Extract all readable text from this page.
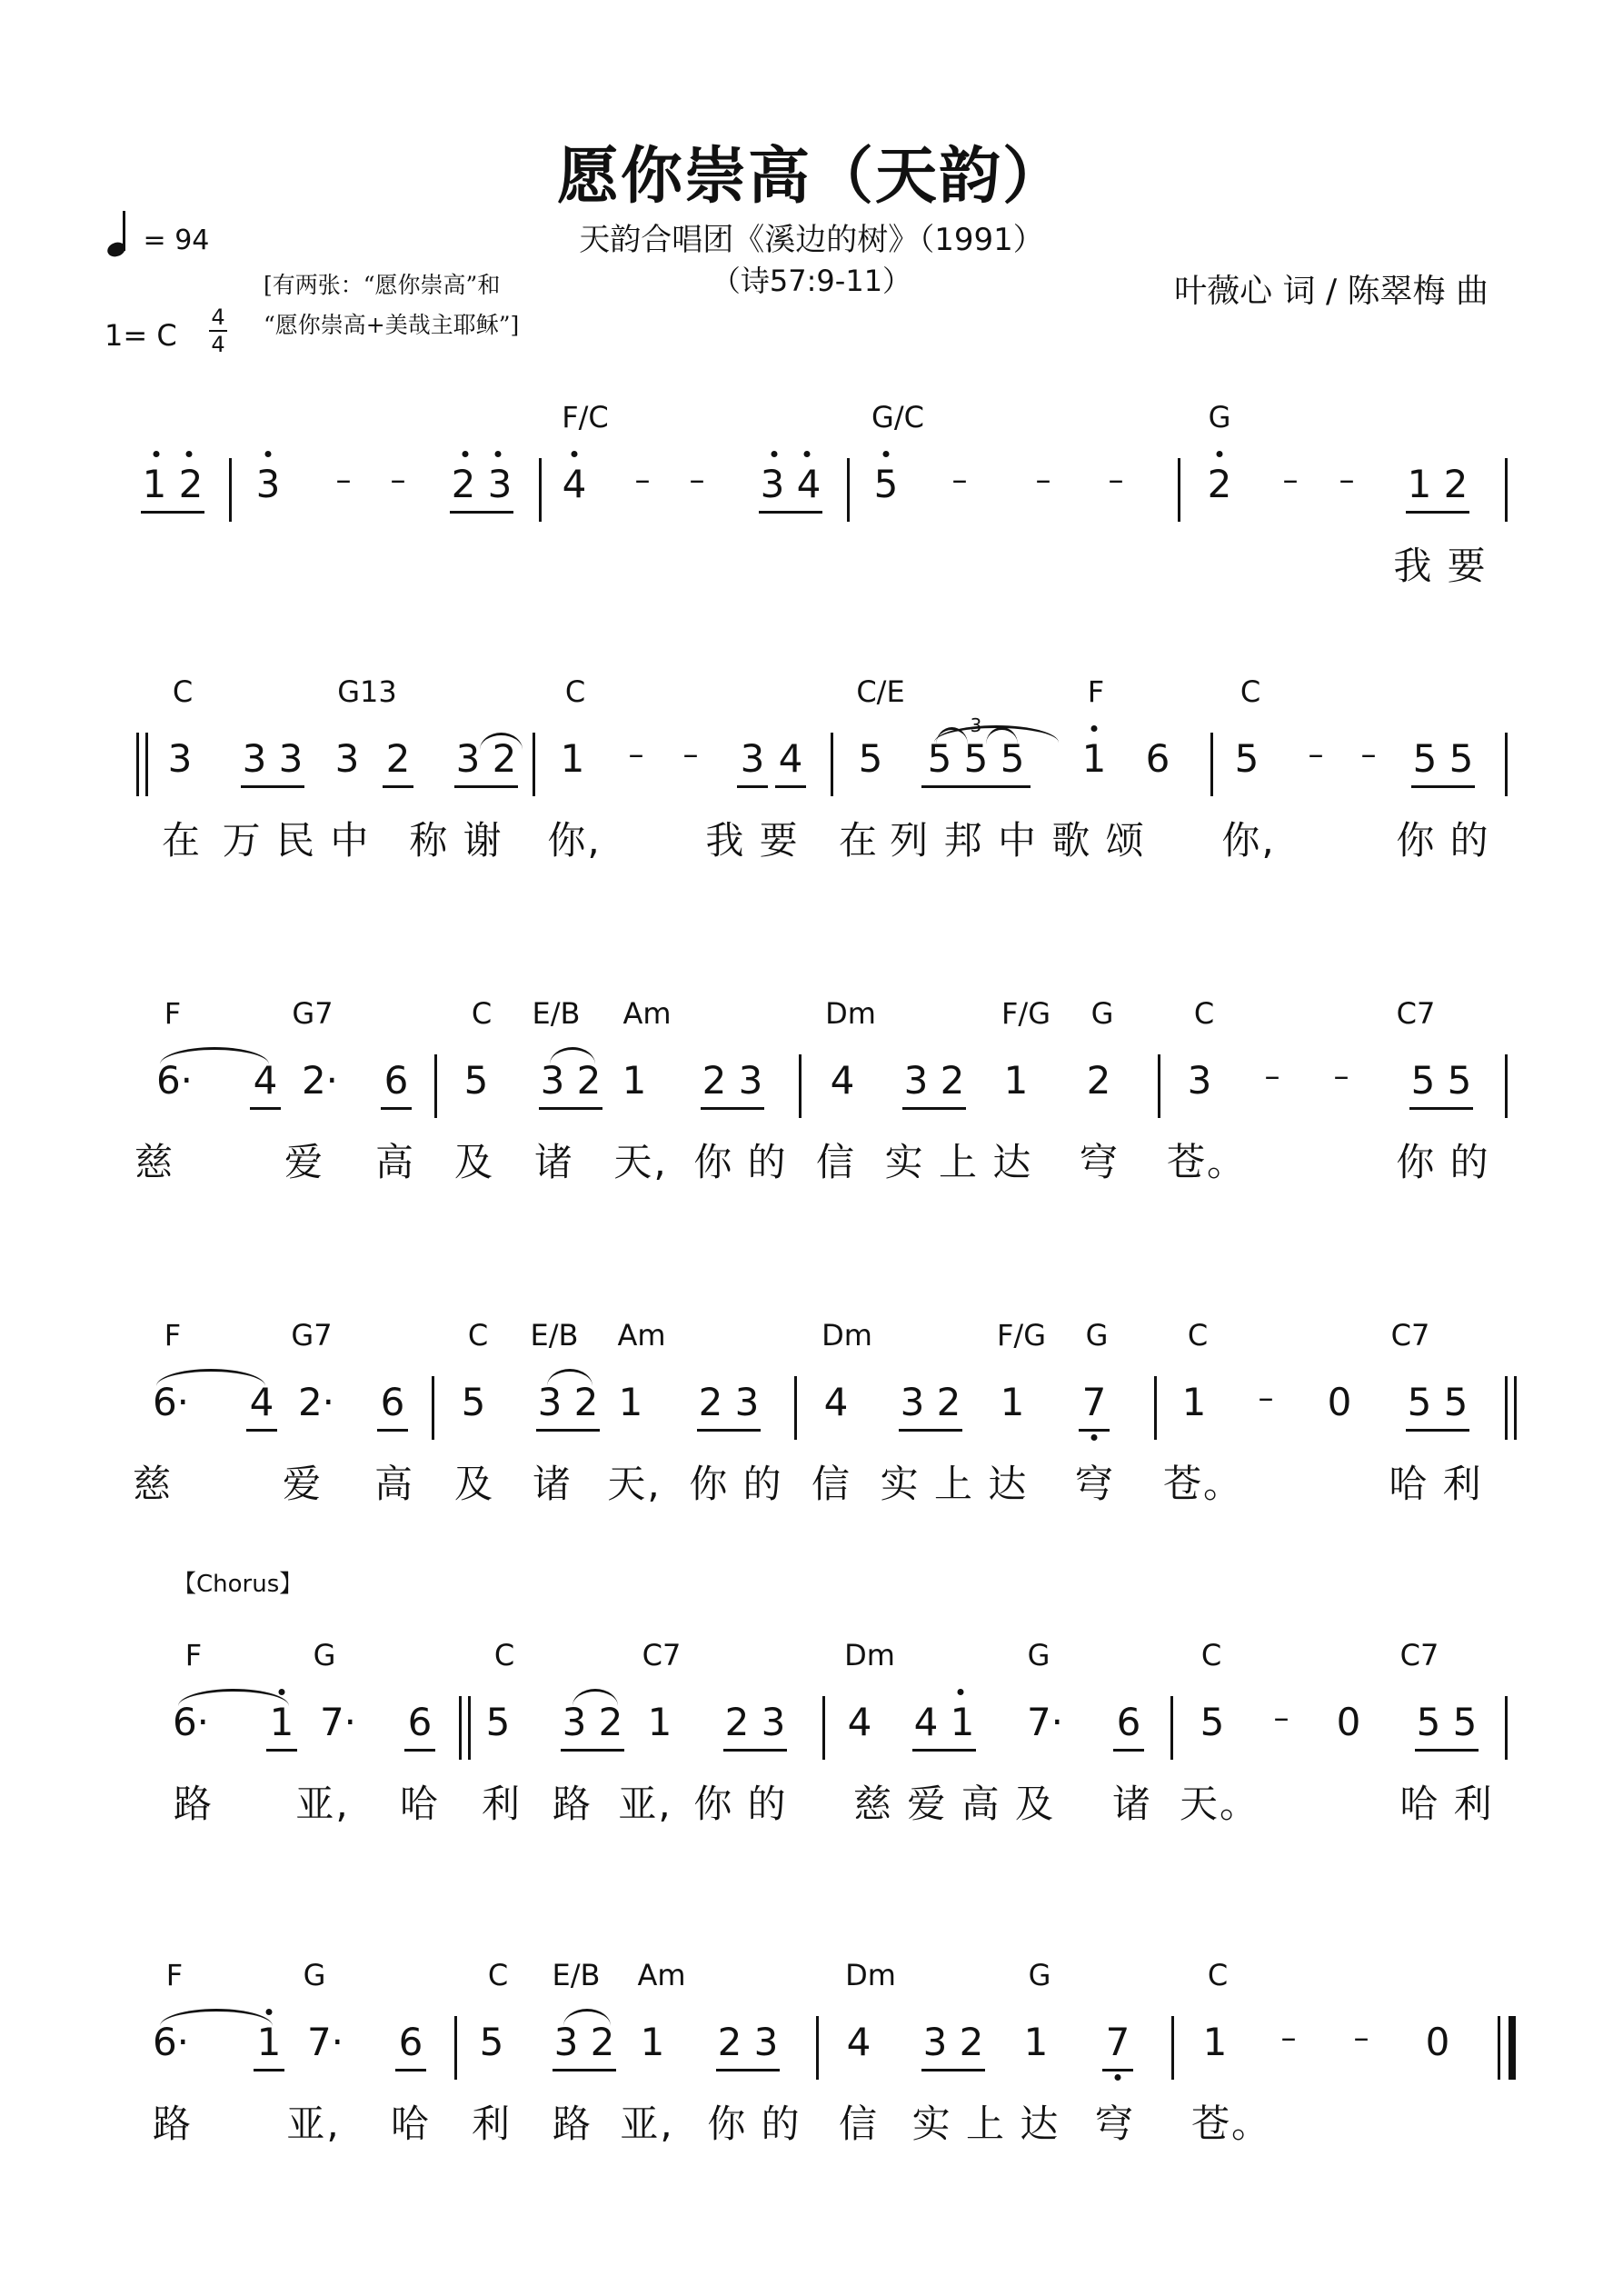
愿你崇高（天韵）
天韵合唱团《溪边的树》（1991）
（诗57:9-11）	叶薇心 词 / 陈翠梅 曲
[有两张：“愿你崇高”和
“愿你崇高+美哉主耶稣”]
= 94
1= C
4
4
【Chorus】
F/C	G/C	G
1 2 3 – – 2 3 4 – – 3 4 5 – – – 2 – – 1 2
我 要
C	G13	C	C/E	F	C
3 3 3 3 2 3 2 1 – – 3 4 5 5 5 5 1 6 5 – – 5 5
在 万 民 中 称 谢 你,	我 要 在 列 邦 中 歌 颂 你,	你 的
3
F	G7	C E/B Am	Dm	F/G G	C	C7
6· 4 2· 6 5 3 2 1 2 3 4 3 2 1 2 3 – – 5 5
慈	爱 高 及 诸 天, 你 的 信 实 上 达 穹 苍。	你 的
F	G7	C E/B Am	Dm	F/G G	C	C7
6· 4 2· 6 5 3 2 1 2 3 4 3 2 1 7 1 – 0 5 5
慈	爱 高 及 诸 天, 你 的 信 实 上 达 穹 苍。	哈 利
F	G	C	C7	Dm	G	C	C7
6· 1 7· 6 5 3 2 1 2 3 4 4 1 7· 6 5 – 0 5 5
路 亚, 哈 利 路 亚, 你 的 慈 爱 高 及 诸 天。	哈 利
F	G	C E/B Am	Dm	G	C
6· 1 7· 6 5 3 2 1 2 3 4 3 2 1 7 1 – – 0
路 亚, 哈 利 路 亚, 你 的 信 实 上 达 穹 苍。
